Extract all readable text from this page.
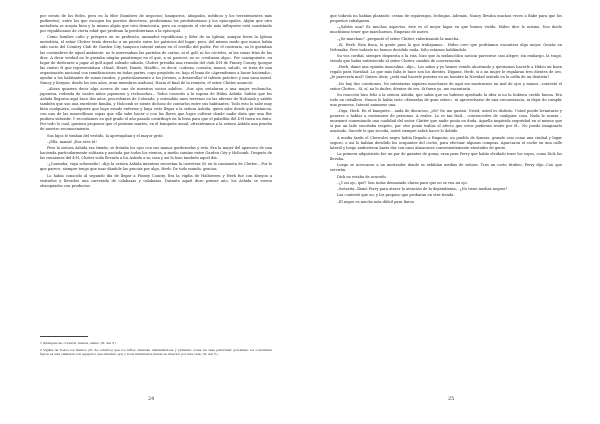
por ciento de los fieles, pero en la élite (hombres de negocios; banqueros, abogados, médicos y los terratenientes más pudientes), entre los que escogen los puestos directivos, predominan los presbiterianos y los episcopales. Algún que otro metodista se acepta bien y lo mismo algún que otro demócrata, pero en conjunto el círculo más influyente está constituido por republicanos de cierta edad que profesan la presbiteriana o la episcopal.

Como hombre culto y próspero en su profesión, animador republicano y líder de su Iglesia, aunque fuera la Iglesia metodista, el señor Clutter tenía derecho a un puesto entre los patricios del lugar; pero, del mismo modo que nunca había sido socio del Country Club de Garden City, tampoco intentó entrar en el corrillo del poder. Por el contrario, no le gustaban las costumbres de aquel ambiente: no le interesaban las partidas de cartas, ni el golf, ni los cócteles, ni las cenas frías de las diez. A decir verdad no le gustaba ningún pasatiempo en el que, a su parecer, no se «realizara algo». Por consiguiente, en lugar de dedicarse a jugar al golf aquel soleado sábado, Clutter presidía una reunión del club 4-H de Finney County (porque las cuatro H que representaban «Head, Heart, Hands, Health», es decir, «cabeza, corazón, manos, salud», se trata de una organización nacional con ramificaciones en todas partes, cuyo propósito es, bajo el lema de «Aprendemos a hacer haciendo», ayudar a los habitantes de zonas rurales, y particularmente a los jóvenes, a desarrollar el talento práctico y una sana moral. Nancy y Kenyon, desde los seis años, eran miembros asiduos). Hacia el final de la reunión, el señor Clutter anunció:

–Ahora quisiera decir algo acerca de uno de nuestros socios adultos. –Sus ojos señalaron a una mujer rechoncha, japonesa, rodeada de cuatro niños japoneses y rechonchos–. Todos conocéis a la esposa de Hideo Ashida. Sabéis que los Ashida llegaron aquí hace dos años, procedentes de Colorado, y entendáis unos terrenos en las afueras de Holcomb y sabéis también que son una excelente familia, y Holcomb se siente dichoso de contarlos entre sus habitantes. Todo esto lo sabe muy bien cualquiera, cualquiera que haya estado enfermo y haya visto llegar a la señora Ashida, quien sabe desde qué distancia, con uno de las maravillosas sopas que ella sabe hacer o con las flores que logra cultivar donde nadie diría que una flor pudiera subsistir. Y recordamos en qué grado el año pasado contribuyó en la feria para que el pabellón del 4-H fuera un éxito. Por todo lo cual, quisiera proponer que el próximo martes, en el banquete anual, ofreciéramos a la señora Ashida una prueba de nuestro reconocimiento.

Sus hijos le tiraban del vestido, la apretujaban y el mayor gritó:

–¡Ella, mamá! ¡Esa eres tú!

Pero la señora Ashida era tímida; se frotaba los ojos con sus manos gordezuelas y reía. Era la mujer del aparcero de una hacienda particularmente solitaria y azotada por todos los vientos, a medio camino entre Garden City y Holcomb. Después de las reuniones del 4-H, Clutter solía llevarla a los Ashida a su casa y así lo hizo también aquel día.

–¿Caramba, vaya sobresalto! –dijo la señora Ashida mientras recorrían la carretera 50 en la camioneta de Clutter–. Por lo que parece, siempre tengo que usar dándole las gracias por algo, Herb. De todo mundo, gracias.

Lo había conocido al segundo día de llegar a Finney County. Era la vigilia de Halloween y Herb fue con Kenyon a visitarlos y llevarles una carretada de calabazas y calabazas. Durante aquel duro primer año, los Ashida se vieron obsequiados con productos

1 Inteligencia, corazón, manos, salud. (N. del T.)

2 Vigilia de Todos los Santos (31 de octubre) que los niños celebran disfrazándose y pidiendo cosas en casa particular golosinas. La costumbre típica es una calabaza con agujeros que simulan ojos y boca iluminados desde su interior por una vela. (N. del T.)

24

que todavía no habían plantado: cestas de espárragos, lechugas. Además, Nancy llevaba muchas veces a Babe para que los pequeños cabalgasen.

–¿Sabéis una? Es muchos aspectos, éste es el mejor lugar en que hemos vivido. Hideo dice lo mismo. Nos duele muchísimo tener que marcharnos. Empezar de nuevo.

–¿Se marchan? –preguntó el señor Clutter, ralentizando la marcha.

–Sí, Herb. Esta finca, la gente para la que trabajamos... Hideo cree que podríamos encontrar algo mejor. Quizás en Nebraska. Pero todavía no hemos decidido nada. Sólo estamos hablándolo.

Su voz cordial, siempre dispuesta a la risa, hizo que la melancólica noticia pareciese casi alegre; sin embargo, la tragó, viendo que había entristecido al señor Clutter, cambió de conversación.

–Herb, dame una opinión masculina –dijo–. Los niños y yo hemos venido ahorrando y queríamos hacerle a Hideo un buen regalo para Navidad. Lo que más falta le hace son los dientes. Dígame, Herb, si a un mujer le regalaran tres dientes de oro, ¿le parecería mal? Quiero decir, ¿está mal hacerle puestos en un hombre la Navidad sentido en la orilla de un dentista?

–No hay dos cuestiones. No intentarías siquiera marcharse de aquí sin mostrarnos un mal de ojos y manos –contestó el señor Clutter–. Sí, sí, no lo dudes; dientes de oro. Si fuera yo, me encantaría.

Su reacción hizo feliz a la señora Ashida, que sabía que no hubiese aprobado la idea si no la hubiera creído buena. Era todo un caballero. Nunca le había visto «dármelas de gran señor», ni aprovecharse de una circunstancia, ni dejar de cumplir una promesa. Intentó animarse una.

–Oiga, Herb. En el banquete... nada de discursos, ¿eh? No me gustan. Usted, usted es distinto. Usted puede levantarse y ponerse a hablar a centenares de personas. A reales. Lo es tan fácil... convencerles de cualquier cosa. Nada le asusta –murmuró comentando una cualidad del señor Clutter que nadie ponía en duda. Aquella impávida seguridad en sí mismo que si por un lado suscitaba respeto, por otro ponía trabas al afecto que otros pudieran sentir por él–. No puedo imaginarlo asustado. Sucede lo que suceda, usted siempre sabrá hacer lo debido.

A media tarde el Chevrolet negro había llegado a Emporia, un pueblo de Kansas, grande casi como una ciudad y lugar seguro, o así lo habían decidido los ocupantes del coche, para efectuar algunas compras. Aparcaron el coche en una calle lateral y luego anduvieron hasta dar con unos almacenes convenientemente atestados de gente.

La primera adquisición fue un par de guantes de goma; eran para Perry que había olvidado traer los suyos, como Dick los llevaba.

Luego se acercaron a un mostrador donde se exhibían medias de señora. Tras un corto titubeo, Perry dijo:–Con que servirán.

Dick no estaba de acuerdo.

–¿Y mi ojo, qué? Son todas demasiado claras para que no se vea mi ojo.

–Señorita –llamó Perry para atraer la atención de la dependienta–, ¿No tiene medias negras?

Las contestó que no, y los propuso que probaran en otra tienda.

–El negro es mucho más difícil para fiarse.

25
